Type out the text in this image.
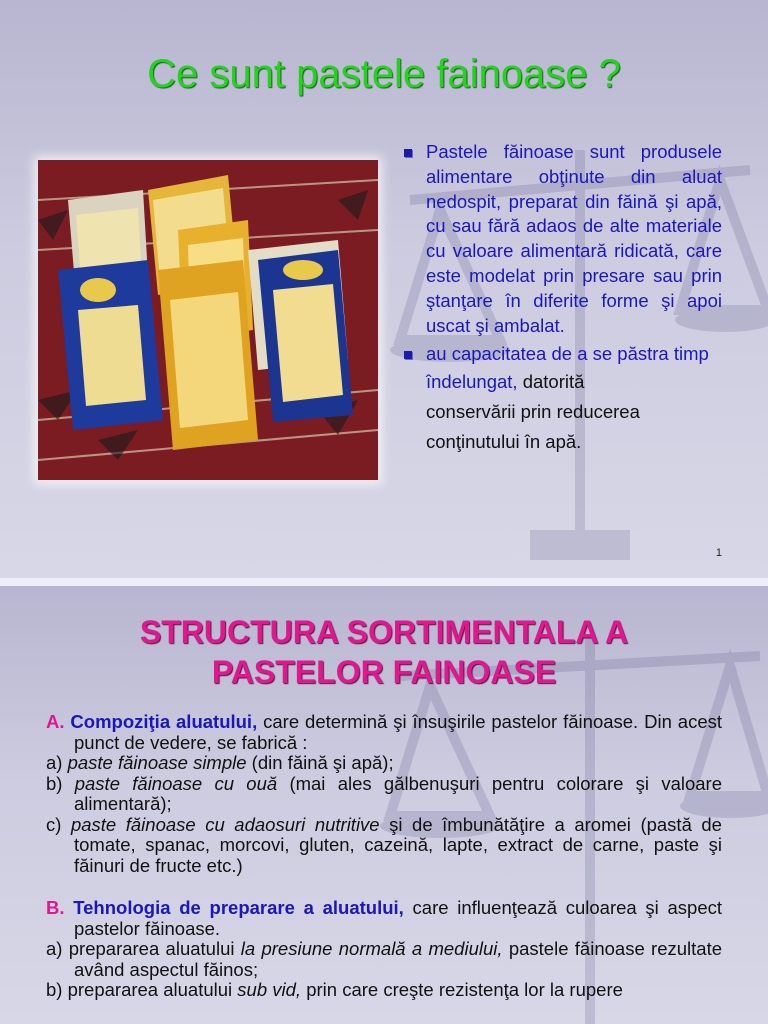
Ce sunt pastele fainoase ?
Pastele făinoase sunt produsele alimentare obţinute din aluat nedospit, preparat din făină şi apă, cu sau fără adaos de alte materiale cu valoare alimentară ridicată, care este modelat prin presare sau prin ştanţare în diferite forme şi apoi uscat şi ambalat.
au capacitatea de a se păstra timp îndelungat, datorită
conservării prin reducerea
conţinutului în apă.
1
STRUCTURA SORTIMENTALA A
PASTELOR FAINOASE
A. Compoziţia aluatului, care determină şi însuşirile pastelor făinoase. Din acest punct de vedere, se fabrică :
a) paste făinoase simple (din făină şi apă);
b) paste făinoase cu ouă (mai ales gălbenuşuri pentru colorare şi valoare alimentară);
c) paste făinoase cu adaosuri nutritive şi de îmbunătăţire a aromei (pastă de tomate, spanac, morcovi, gluten, cazeină, lapte, extract de carne, paste şi făinuri de fructe etc.)
B. Tehnologia de preparare a aluatului, care influenţează culoarea şi aspect pastelor făinoase.
a) prepararea aluatului la presiune normală a mediului, pastele făinoase rezultate având aspectul făinos;
b) prepararea aluatului sub vid, prin care creşte rezistenţa lor la rupere
